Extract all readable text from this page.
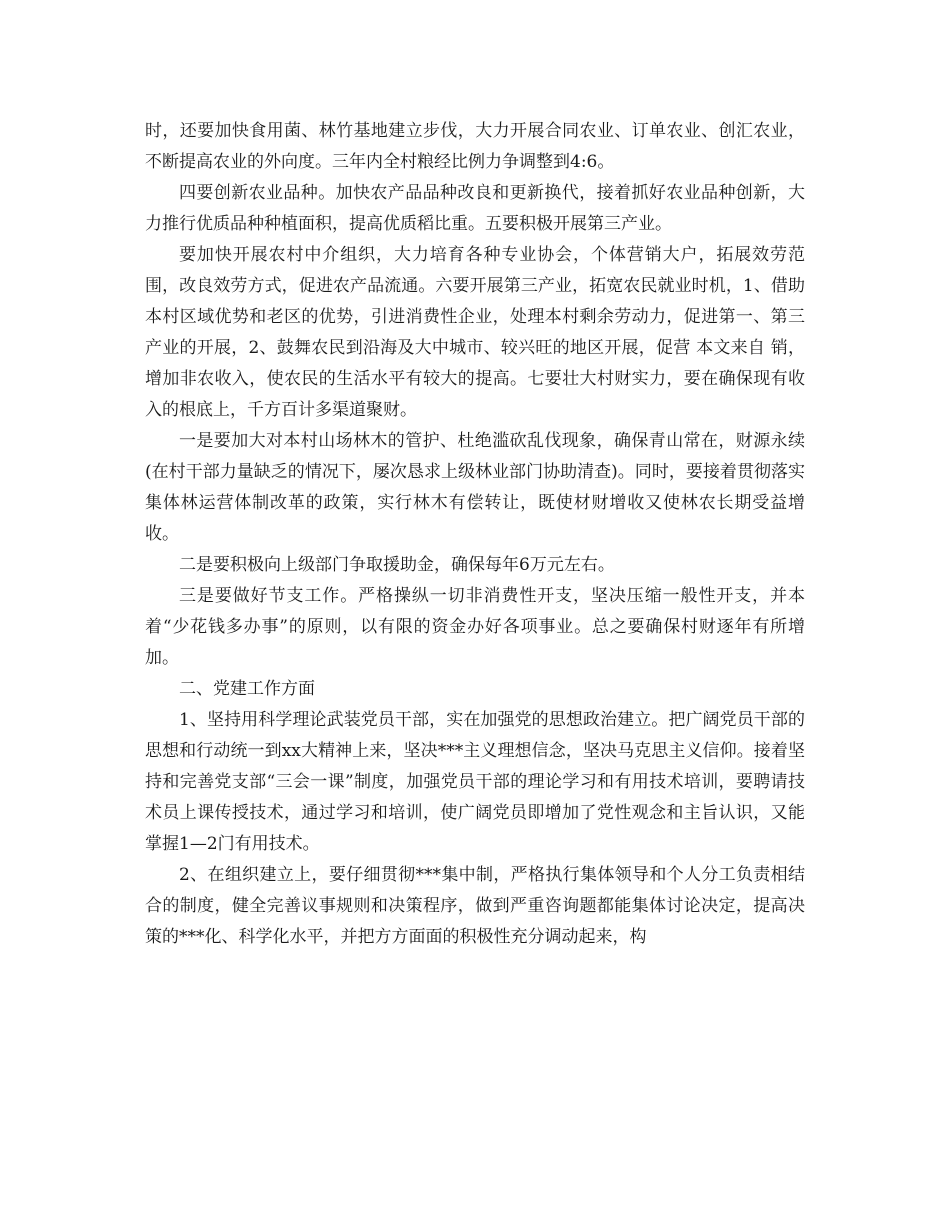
时，还要加快食用菌、林竹基地建立步伐，大力开展合同农业、订单农业、创汇农业，不断提高农业的外向度。三年内全村粮经比例力争调整到4:6。

四要创新农业品种。加快农产品品种改良和更新换代，接着抓好农业品种创新，大力推行优质品种种植面积，提高优质稻比重。五要积极开展第三产业。

要加快开展农村中介组织，大力培育各种专业协会，个体营销大户，拓展效劳范围，改良效劳方式，促进农产品流通。六要开展第三产业，拓宽农民就业时机，1、借助本村区域优势和老区的优势，引进消费性企业，处理本村剩余劳动力，促进第一、第三产业的开展，2、鼓舞农民到沿海及大中城市、较兴旺的地区开展，促营 本文来自 销，增加非农收入，使农民的生活水平有较大的提高。七要壮大村财实力，要在确保现有收入的根底上，千方百计多渠道聚财。

一是要加大对本村山场林木的管护、杜绝滥砍乱伐现象，确保青山常在，财源永续(在村干部力量缺乏的情况下，屡次恳求上级林业部门协助清查)。同时，要接着贯彻落实集体林运营体制改革的政策，实行林木有偿转让，既使材财增收又使林农长期受益增收。

二是要积极向上级部门争取援助金，确保每年6万元左右。

三是要做好节支工作。严格操纵一切非消费性开支，坚决压缩一般性开支，并本着“少花钱多办事”的原则，以有限的资金办好各项事业。总之要确保村财逐年有所增加。

二、党建工作方面

1、坚持用科学理论武装党员干部，实在加强党的思想政治建立。把广阔党员干部的思想和行动统一到xx大精神上来，坚决***主义理想信念，坚决马克思主义信仰。接着坚持和完善党支部“三会一课”制度，加强党员干部的理论学习和有用技术培训，要聘请技术员上课传授技术，通过学习和培训，使广阔党员即增加了党性观念和主旨认识，又能掌握1—2门有用技术。

2、在组织建立上，要仔细贯彻***集中制，严格执行集体领导和个人分工负责相结合的制度，健全完善议事规则和决策程序，做到严重咨询题都能集体讨论决定，提高决策的***化、科学化水平，并把方方面面的积极性充分调动起来，构
